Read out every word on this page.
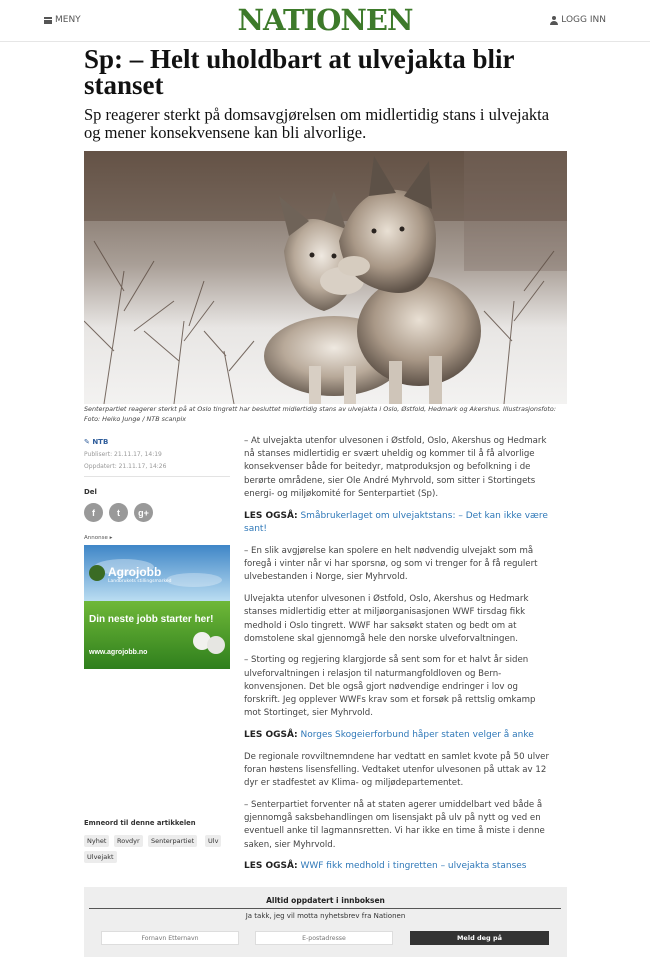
MENY	NATIONEN	LOGG INN
Sp: – Helt uholdbart at ulvejakta blir stanset
Sp reagerer sterkt på domsavgjørelsen om midlertidig stans i ulvejakta og mener konsekvensene kan bli alvorlige.
Senterpartiet reagerer sterkt på at Oslo tingrett har besluttet midlertidig stans av ulvejakta i Oslo, Østfold, Hedmark og Akershus. Illustrasjonsfoto: Foto: Heiko Junge / NTB scanpix
✎ NTB
Publisert: 21.11.17, 14:19
Oppdatert: 21.11.17, 14:26
Del
f	t	g+
Annonse ▸
Agrojobb
Landbrukets stillingsmarked
Din neste jobb starter her!
www.agrojobb.no
Emneord til denne artikkelen
Nyhet	Rovdyr	Senterpartiet	Ulv
Ulvejakt

– At ulvejakta utenfor ulvesonen i Østfold, Oslo, Akershus og Hedmark nå stanses midlertidig er svært uheldig og kommer til å få alvorlige konsekvenser både for beitedyr, matproduksjon og befolkning i de berørte områdene, sier Ole André Myhrvold, som sitter i Stortingets energi- og miljøkomité for Senterpartiet (Sp).

LES OGSÅ: Småbrukerlaget om ulvejaktstans: – Det kan ikke være sant!

– En slik avgjørelse kan spolere en helt nødvendig ulvejakt som må foregå i vinter når vi har sporsnø, og som vi trenger for å få regulert ulvebestanden i Norge, sier Myhrvold.

Ulvejakta utenfor ulvesonen i Østfold, Oslo, Akershus og Hedmark stanses midlertidig etter at miljøorganisasjonen WWF tirsdag fikk medhold i Oslo tingrett. WWF har saksøkt staten og bedt om at domstolene skal gjennomgå hele den norske ulveforvaltningen.

– Storting og regjering klargjorde så sent som for et halvt år siden ulveforvaltningen i relasjon til naturmangfoldloven og Bern-konvensjonen. Det ble også gjort nødvendige endringer i lov og forskrift. Jeg opplever WWFs krav som et forsøk på rettslig omkamp mot Stortinget, sier Myhrvold.

LES OGSÅ: Norges Skogeierforbund håper staten velger å anke

De regionale rovviltnemndene har vedtatt en samlet kvote på 50 ulver foran høstens lisensfelling. Vedtaket utenfor ulvesonen på uttak av 12 dyr er stadfestet av Klima- og miljødepartementet.

– Senterpartiet forventer nå at staten agerer umiddelbart ved både å gjennomgå saksbehandlingen om lisensjakt på ulv på nytt og ved en eventuell anke til lagmannsretten. Vi har ikke en time å miste i denne saken, sier Myhrvold.

LES OGSÅ: WWF fikk medhold i tingretten – ulvejakta stanses

Alltid oppdatert i innboksen
Ja takk, jeg vil motta nyhetsbrev fra Nationen
Fornavn Etternavn
E-postadresse
Meld deg på
